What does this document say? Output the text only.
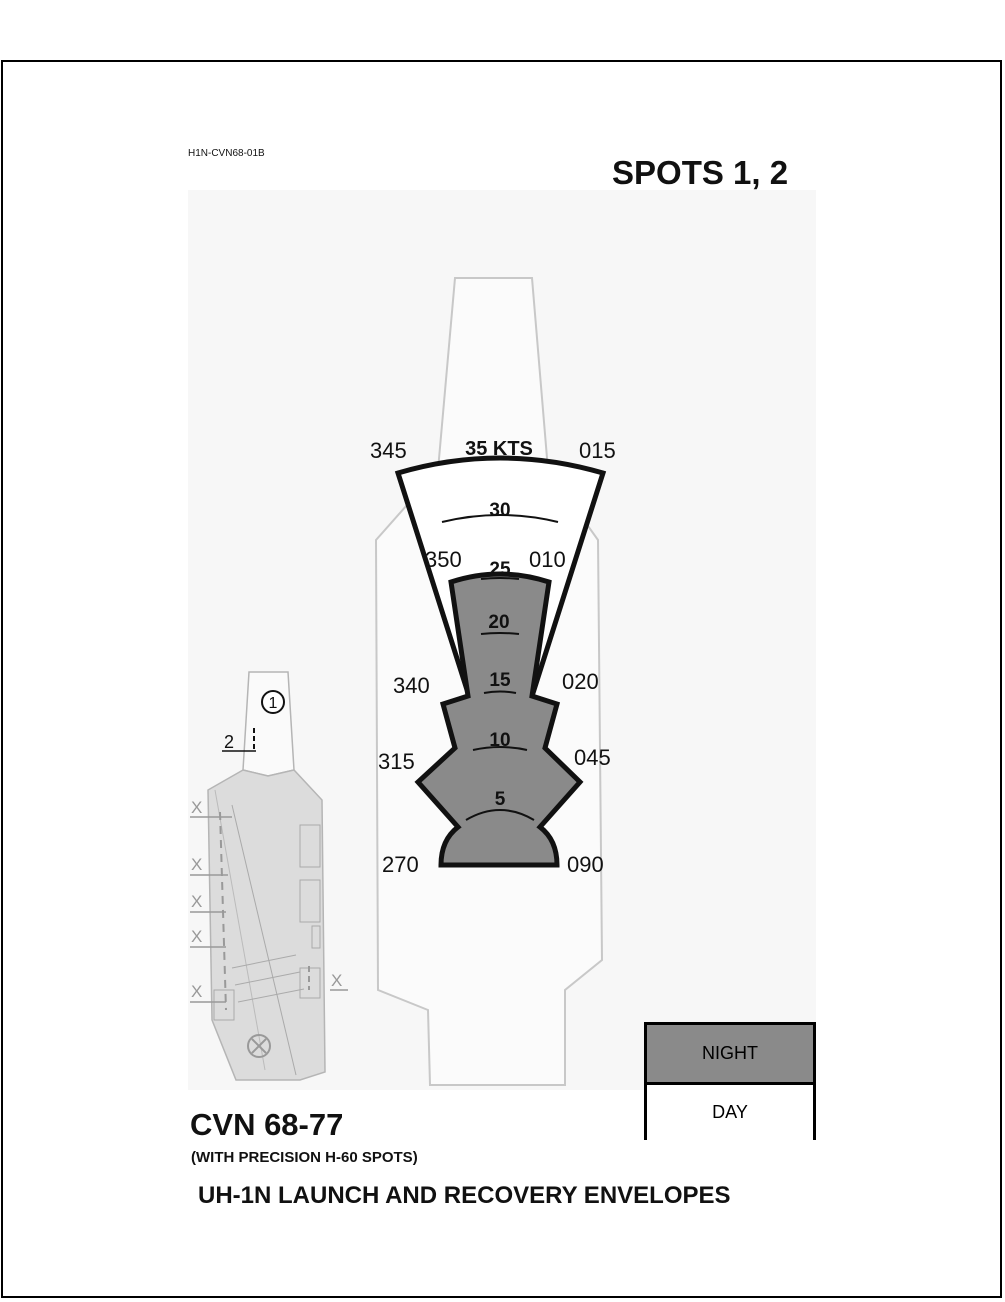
H1N-CVN68-01B
SPOTS 1, 2
1
2
X
X
X
X
X
X
35 KTS
30
25
20
15
10
5
345	015
350	010
340	020
315	045
270	090
NIGHT
DAY
CVN 68-77
(WITH PRECISION H-60 SPOTS)
UH-1N LAUNCH AND RECOVERY ENVELOPES
